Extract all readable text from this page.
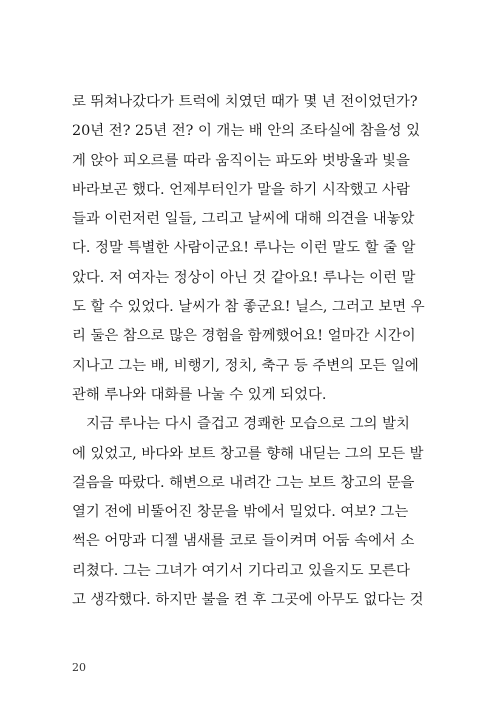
로 뛰쳐나갔다가 트럭에 치였던 때가 몇 년 전이었던가?
20년 전? 25년 전? 이 개는 배 안의 조타실에 참을성 있
게 앉아 피오르를 따라 움직이는 파도와 벗방울과 빛을
바라보곤 했다. 언제부터인가 말을 하기 시작했고 사람
들과 이런저런 일들, 그리고 날씨에 대해 의견을 내놓았
다. 정말 특별한 사람이군요! 루나는 이런 말도 할 줄 알
았다. 저 여자는 정상이 아닌 것 같아요! 루나는 이런 말
도 할 수 있었다. 날씨가 참 좋군요! 닐스, 그러고 보면 우
리 둘은 참으로 많은 경험을 함께했어요! 얼마간 시간이
지나고 그는 배, 비행기, 정치, 축구 등 주변의 모든 일에
관해 루나와 대화를 나눌 수 있게 되었다.
지금 루나는 다시 즐겁고 경쾌한 모습으로 그의 발치
에 있었고, 바다와 보트 창고를 향해 내딛는 그의 모든 발
걸음을 따랐다. 해변으로 내려간 그는 보트 창고의 문을
열기 전에 비뚤어진 창문을 밖에서 밀었다. 여보? 그는
썩은 어망과 디젤 냄새를 코로 들이켜며 어둠 속에서 소
리쳤다. 그는 그녀가 여기서 기다리고 있을지도 모른다
고 생각했다. 하지만 불을 켠 후 그곳에 아무도 없다는 것
20
